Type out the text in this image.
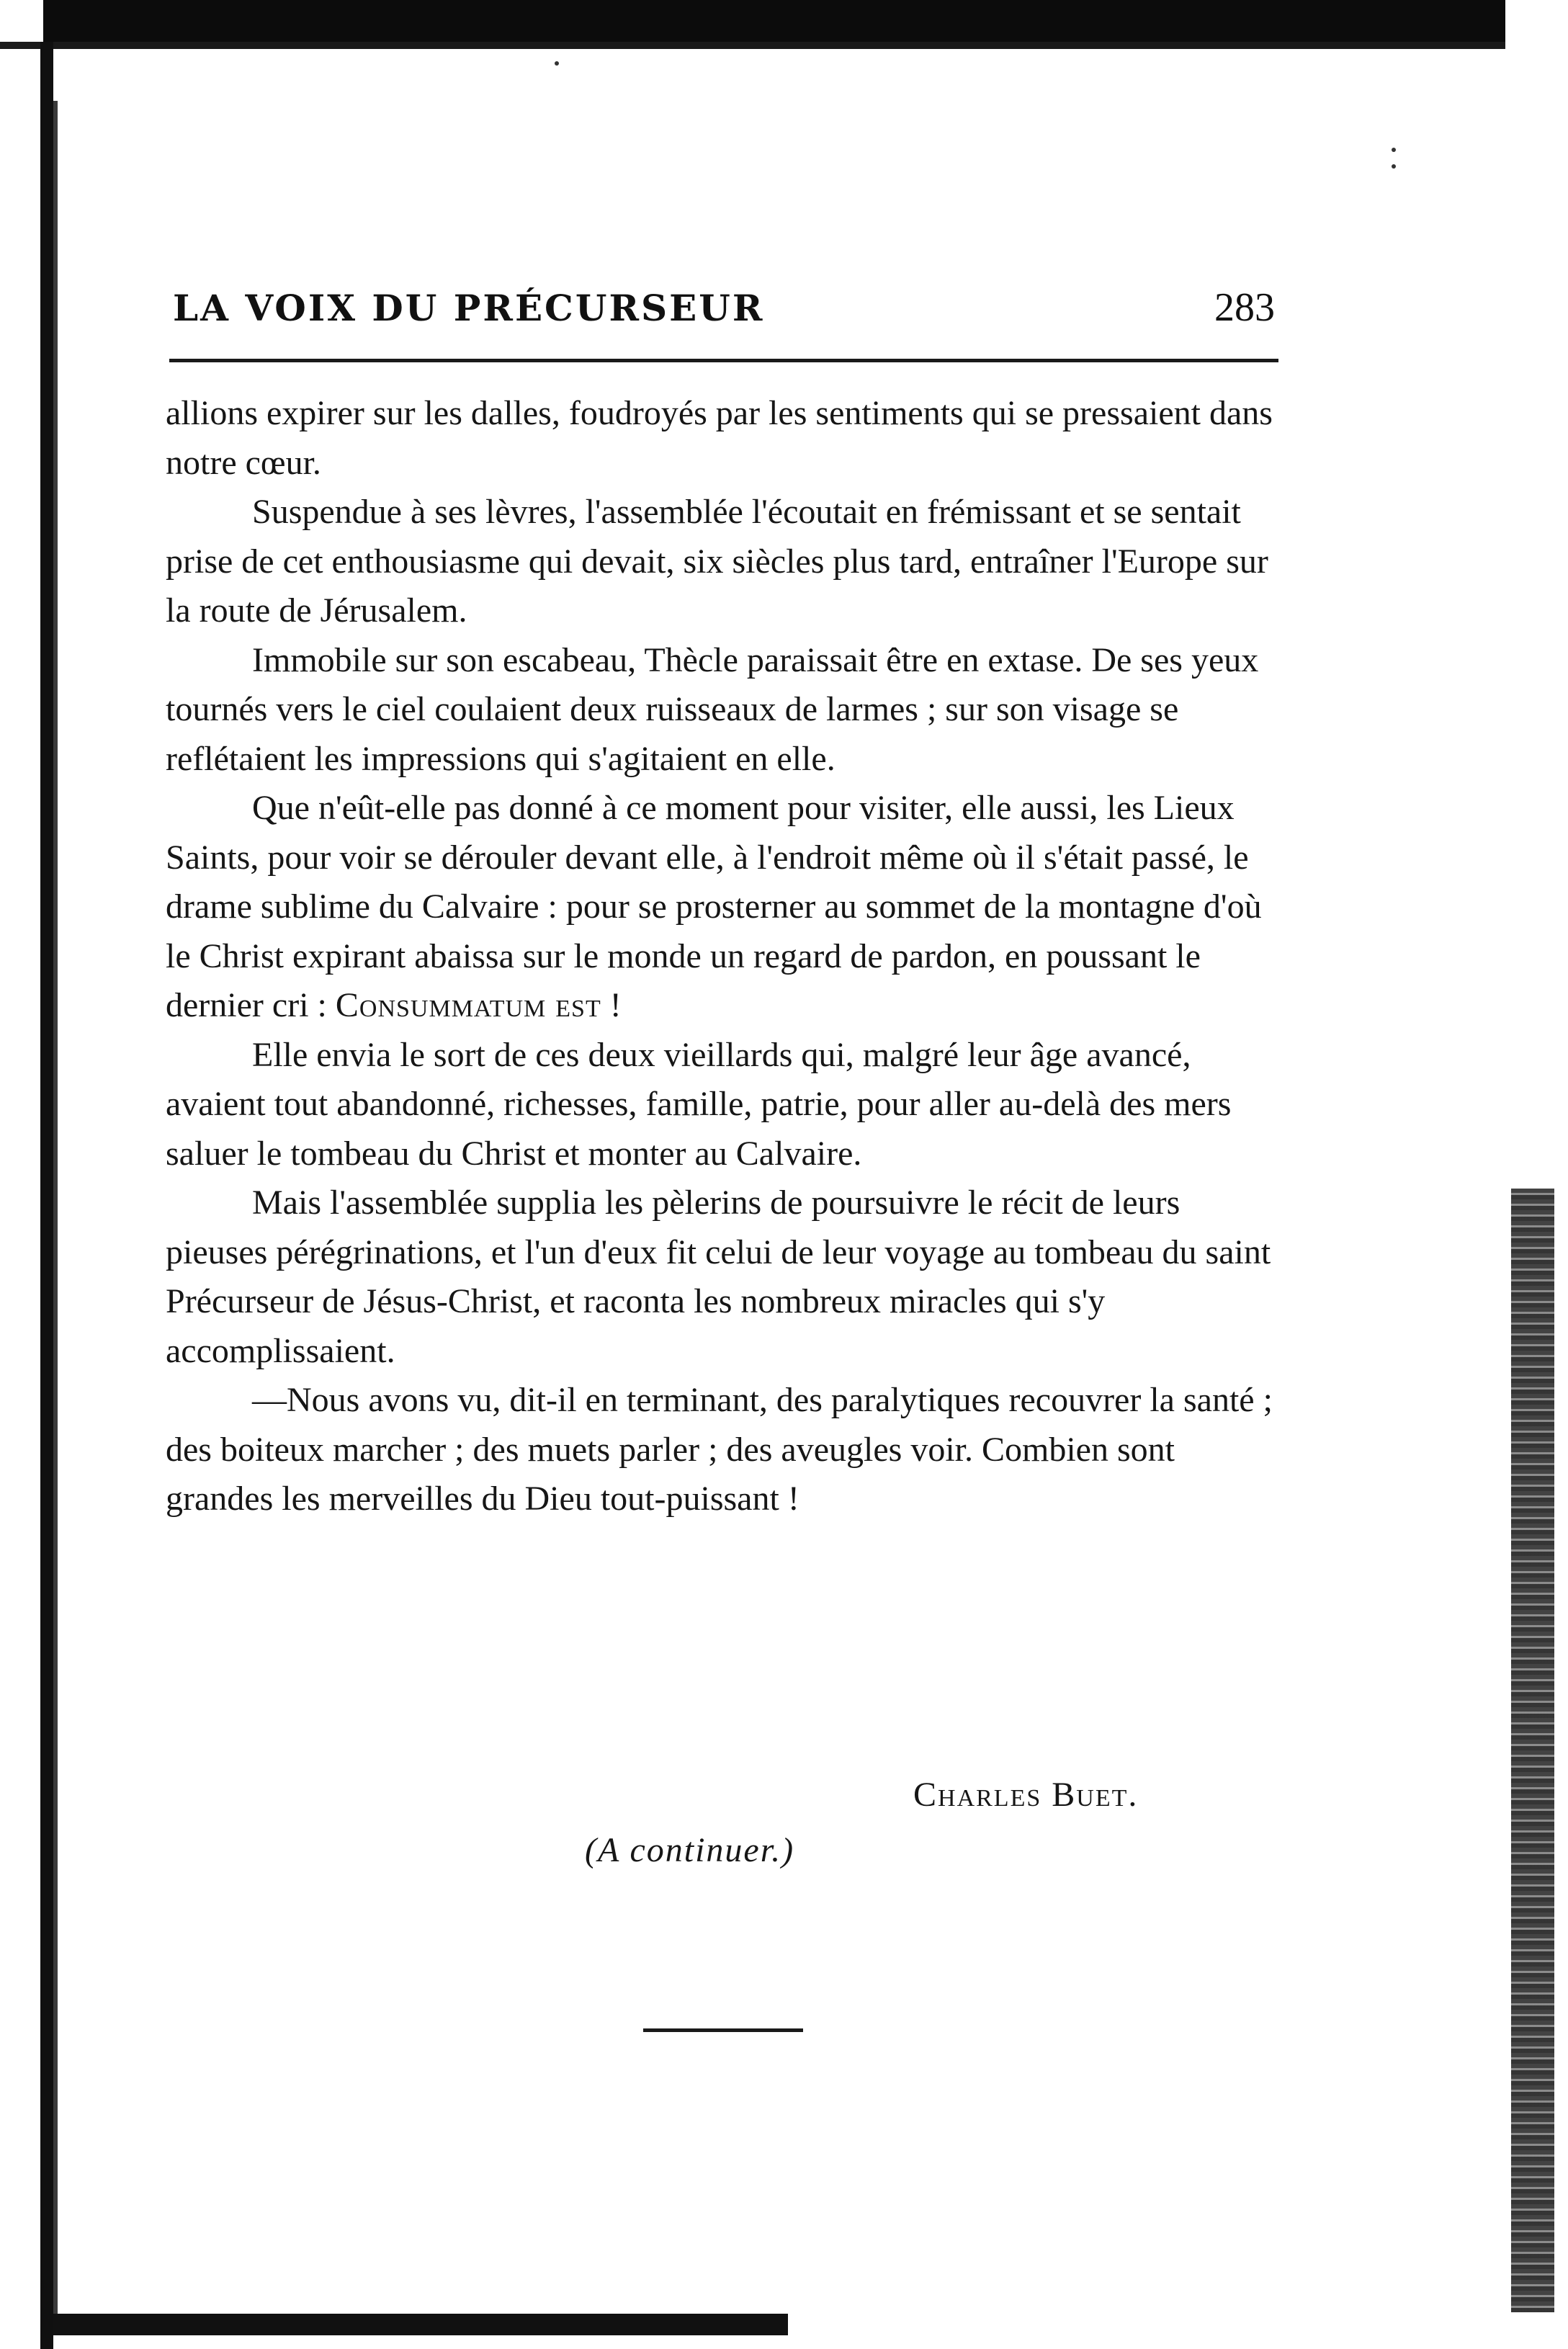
LA VOIX DU PRÉCURSEUR	283

allions expirer sur les dalles, foudroyés par les sentiments qui se pressaient dans notre cœur.

Suspendue à ses lèvres, l'assemblée l'écoutait en frémissant et se sentait prise de cet enthousiasme qui devait, six siècles plus tard, entraîner l'Europe sur la route de Jérusalem.

Immobile sur son escabeau, Thècle paraissait être en extase. De ses yeux tournés vers le ciel coulaient deux ruisseaux de larmes ; sur son visage se reflétaient les impressions qui s'agitaient en elle.

Que n'eût-elle pas donné à ce moment pour visiter, elle aussi, les Lieux Saints, pour voir se dérouler devant elle, à l'endroit même où il s'était passé, le drame sublime du Calvaire : pour se prosterner au sommet de la montagne d'où le Christ expirant abaissa sur le monde un regard de pardon, en poussant le dernier cri : Consummatum est !

Elle envia le sort de ces deux vieillards qui, malgré leur âge avancé, avaient tout abandonné, richesses, famille, patrie, pour aller au-delà des mers saluer le tombeau du Christ et monter au Calvaire.

Mais l'assemblée supplia les pèlerins de poursuivre le récit de leurs pieuses pérégrinations, et l'un d'eux fit celui de leur voyage au tombeau du saint Précurseur de Jésus-Christ, et raconta les nombreux miracles qui s'y accomplissaient.

—Nous avons vu, dit-il en terminant, des paralytiques recouvrer la santé ; des boiteux marcher ; des muets parler ; des aveugles voir. Combien sont grandes les merveilles du Dieu tout-puissant !

Charles Buet.
(A continuer.)
